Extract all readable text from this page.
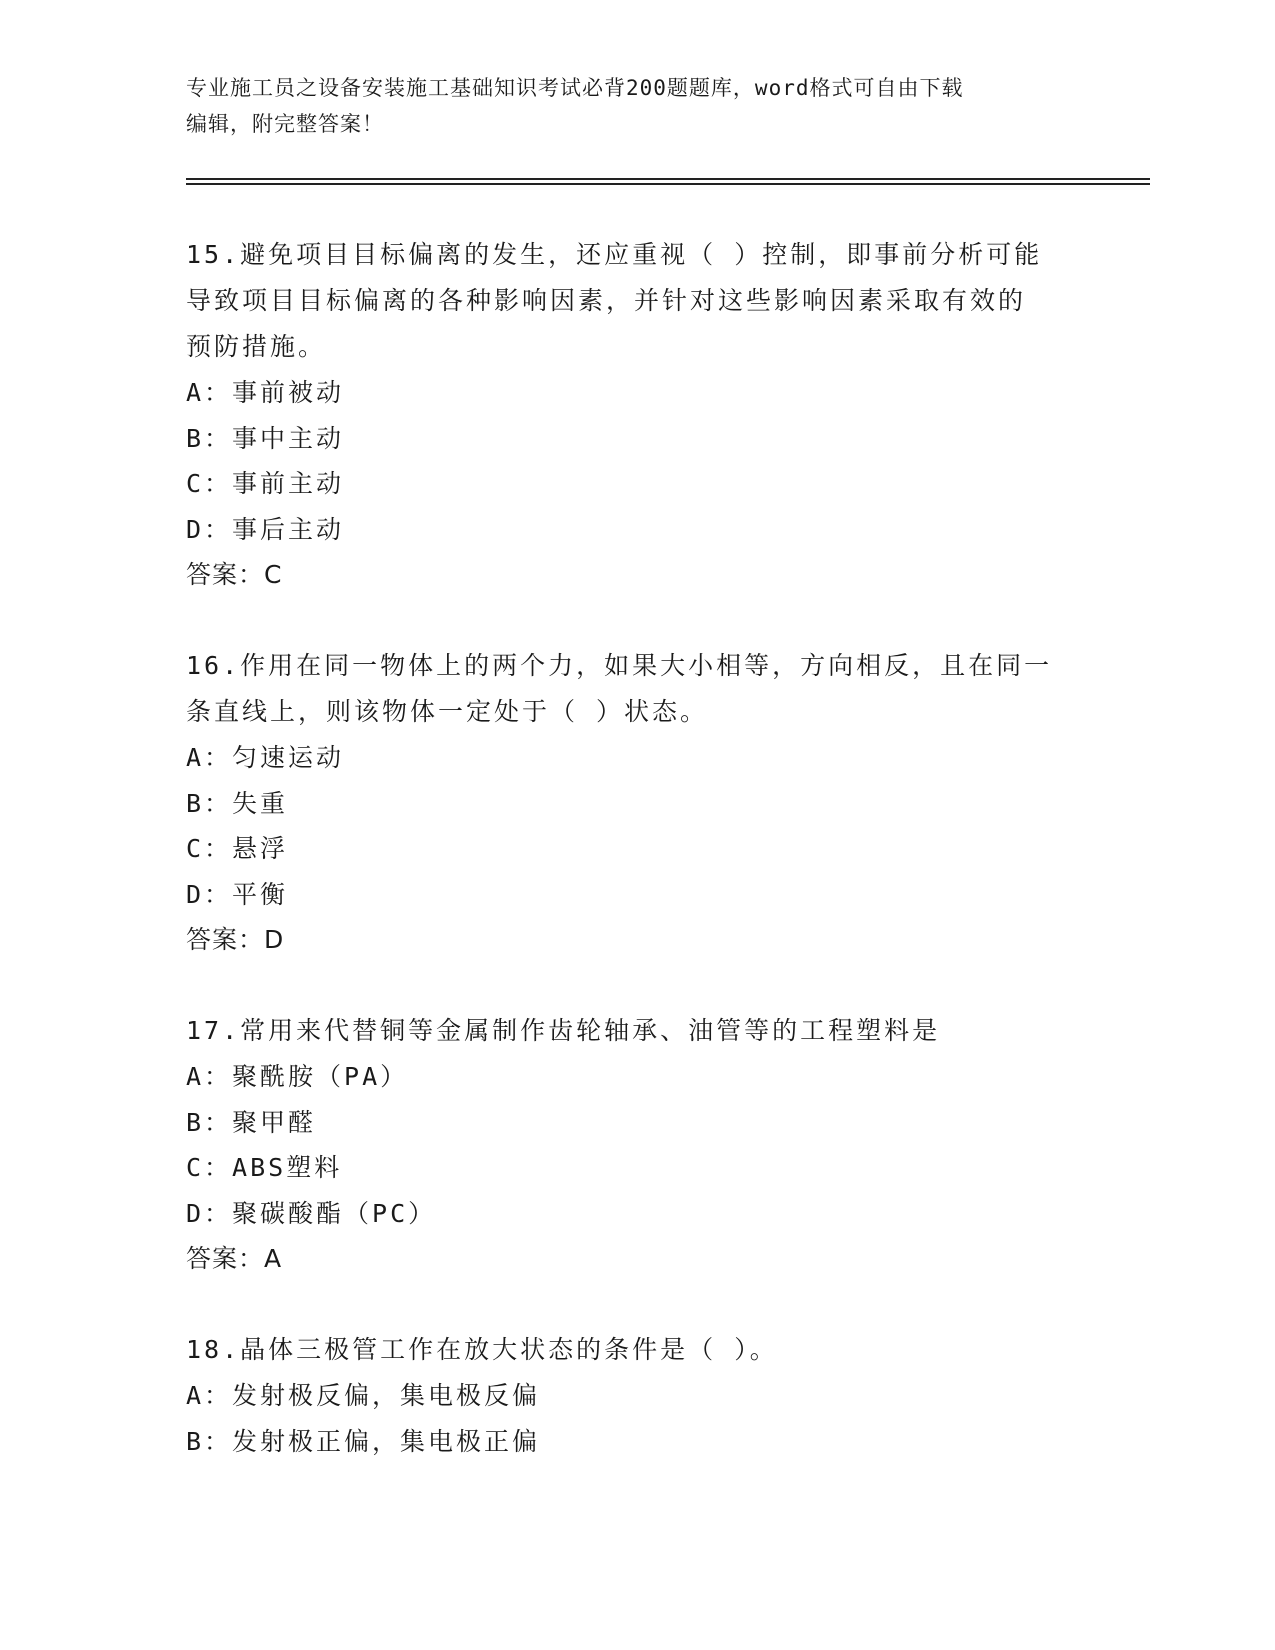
专业施工员之设备安装施工基础知识考试必背200题题库，word格式可自由下载
编辑，附完整答案！
15.避免项目目标偏离的发生，还应重视（ ）控制，即事前分析可能
导致项目目标偏离的各种影响因素，并针对这些影响因素采取有效的
预防措施。
A：事前被动
B：事中主动
C：事前主动
D：事后主动
答案：C
16.作用在同一物体上的两个力，如果大小相等，方向相反，且在同一
条直线上，则该物体一定处于（ ）状态。
A：匀速运动
B：失重
C：悬浮
D：平衡
答案：D
17.常用来代替铜等金属制作齿轮轴承、油管等的工程塑料是
A：聚酰胺（PA）
B：聚甲醛
C：ABS塑料
D：聚碳酸酯（PC）
答案：A
18.晶体三极管工作在放大状态的条件是（ ）。
A：发射极反偏，集电极反偏
B：发射极正偏，集电极正偏
